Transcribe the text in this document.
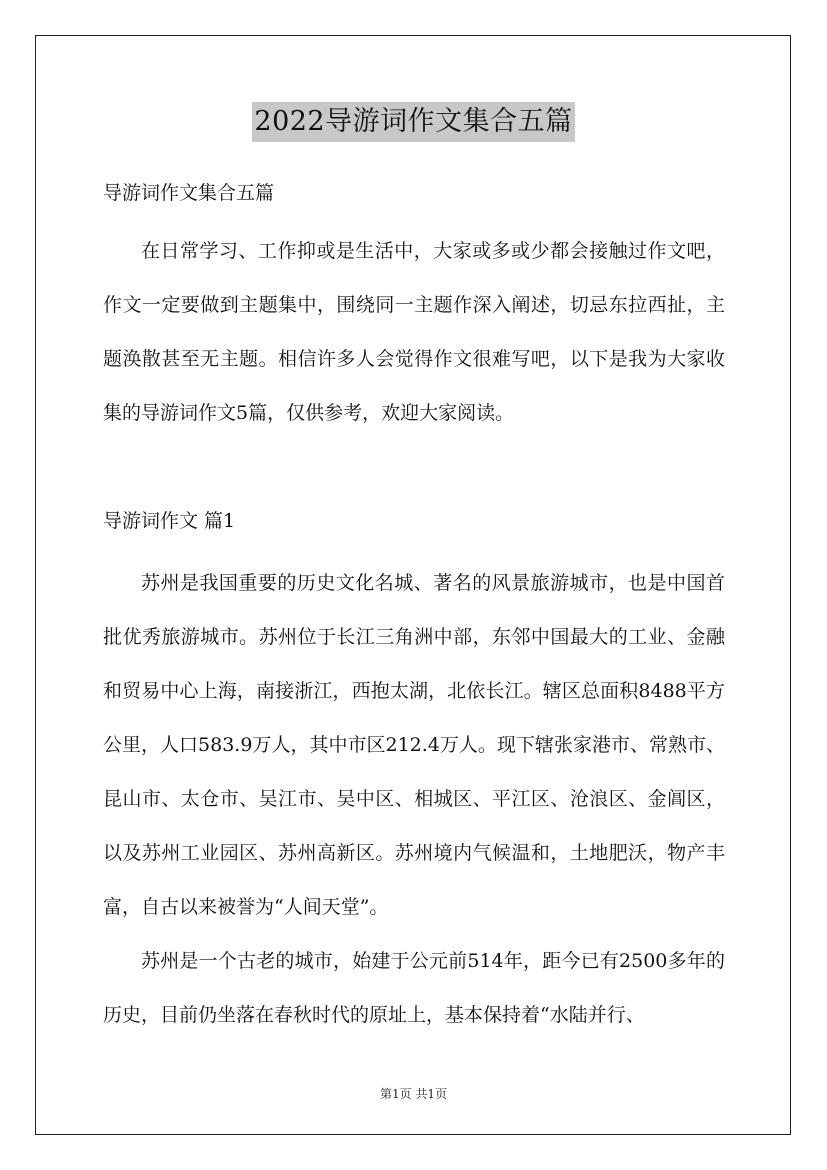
2022导游词作文集合五篇

导游词作文集合五篇

在日常学习、工作抑或是生活中，大家或多或少都会接触过作文吧，作文一定要做到主题集中，围绕同一主题作深入阐述，切忌东拉西扯，主题涣散甚至无主题。相信许多人会觉得作文很难写吧，以下是我为大家收集的导游词作文5篇，仅供参考，欢迎大家阅读。

导游词作文 篇1

苏州是我国重要的历史文化名城、著名的风景旅游城市，也是中国首批优秀旅游城市。苏州位于长江三角洲中部，东邻中国最大的工业、金融和贸易中心上海，南接浙江，西抱太湖，北依长江。辖区总面积8488平方公里，人口583.9万人，其中市区212.4万人。现下辖张家港市、常熟市、昆山市、太仓市、吴江市、吴中区、相城区、平江区、沧浪区、金阊区，以及苏州工业园区、苏州高新区。苏州境内气候温和，土地肥沃，物产丰富，自古以来被誉为“人间天堂”。

苏州是一个古老的城市，始建于公元前514年，距今已有2500多年的历史，目前仍坐落在春秋时代的原址上，基本保持着“水陆并行、

第1页 共1页
